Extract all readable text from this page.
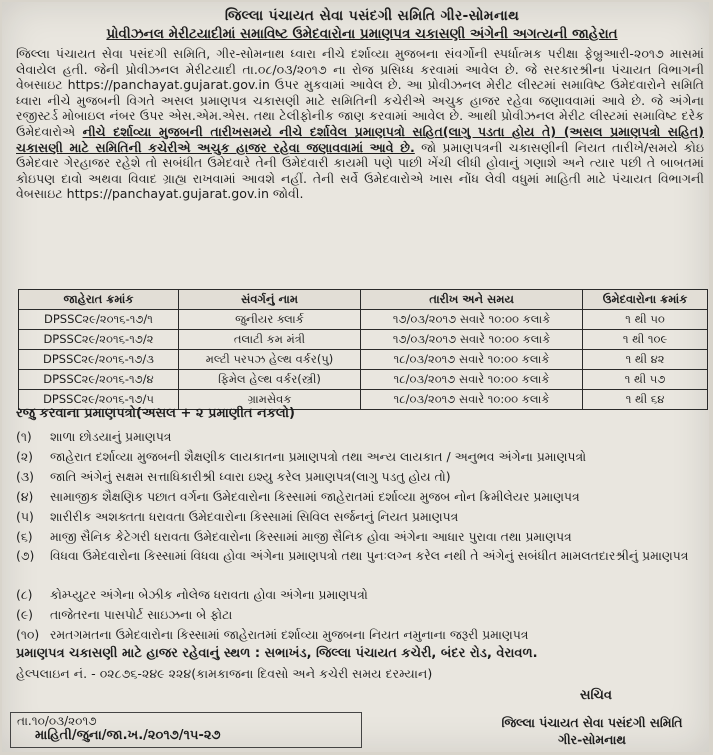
જિલ્લા પંચાયત સેવા પસંદગી સમિતિ ગીર-સોમનાથ
પ્રોવીઝનલ મેરીટયાદીમાં સમાવિષ્ટ ઉમેદવારોના પ્રમાણપત્ર ચકાસણી અંગેની અગત્યની જાહેરાત
જિલ્લા પંચાયત સેવા પસંદગી સમિતિ, ગીર-સોમનાથ ધ્વારા નીચે દર્શાવ્યા મુજબના સંવર્ગોની સ્પર્ધાત્મક પરીક્ષા ફેબ્રુઆરી-૨૦૧૭ માસમાં લેવાયેલ હતી. જેની પ્રોવીઝનલ મેરીટયાદી તા.૦૮/૦૩/૨૦૧૭ ના રોજ પ્રસિધ્ધ કરવામાં આવેલ છે. જે સરકારશ્રીના પંચાયત વિભાગની વેબસાઇટ https://panchayat.gujarat.gov.in ઉપર મુકવામાં આવેલ છે. આ પ્રોવીઝનલ મેરીટ લીસ્ટમાં સમાવિષ્ટ ઉમેદવારોને સમિતિ ધ્વારા નીચે મુજબની વિગતે અસલ પ્રમાણપત્ર ચકાસણી માટે સમિતિની કચેરીએ અચુક હાજર રહેવા જણાવવામાં આવે છે. જે અંગેના રજીસ્ટર્ડ મોબાઇલ નંબર ઉપર એસ.એમ.એસ. તથા ટેલીફોનીક જાણ કરવામાં આવેલ છે. આથી પ્રોવીઝનલ મેરીટ લીસ્ટમાં સમાવિષ્ટ દરેક ઉમેદવારોએ નીચે દર્શાવ્યા મુજબની તારીખસમયે નીચે દર્શાવેલ પ્રમાણપત્રો સહિત(લાગુ પડતા હોય તે) (અસલ પ્રમાણપત્રો સહિત) ચકાસણી માટે સમિતિની કચેરીએ અચુક હાજર રહેવા જણાવવામાં આવે છે. જો પ્રમાણપત્રની ચકાસણીની નિયત તારીખે/સમયે કોઇ ઉમેદવાર ગેરહાજર રહેશે તો સબંધીત ઉમેદવારે તેની ઉમેદવારી કાયમી પણે પાછી ખેંચી લીધી હોવાનું ગણાશે અને ત્યાર પછી તે બાબતમાં કોઇપણ દાવો અથવા વિવાદ ગ્રાહ્ય રાખવામાં આવશે નહીં. તેની સર્વે ઉમેદવારોએ ખાસ નોંધ લેવી વધુમાં માહિતી માટે પંચાયત વિભાગની વેબસાઇટ https://panchayat.gujarat.gov.in જોવી.
જાહેરાત ક્રમાંક	સંવર્ગનું નામ	તારીખ અને સમય	ઉમેદવારોના ક્રમાંક
DPSSC૨૯/૨૦૧૬-૧૭/૧	જુનીયર ક્લાર્ક	૧૭/૦૩/૨૦૧૭ સવારે ૧૦:૦૦ કલાકે	૧ થી ૫૦
DPSSC૨૯/૨૦૧૬-૧૭/૨	તલાટી કમ મંત્રી	૧૭/૦૩/૨૦૧૭ સવારે ૧૦:૦૦ કલાકે	૧ થી ૧૦૯
DPSSC૨૯/૨૦૧૬-૧૭/૩	મલ્ટી પરપઝ હેલ્થ વર્કર(પુ)	૧૮/૦૩/૨૦૧૭ સવારે ૧૦:૦૦ કલાકે	૧ થી ૪૨
DPSSC૨૯/૨૦૧૬-૧૭/૪	ફિમેલ હેલ્થ વર્કર(સ્ત્રી)	૧૮/૦૩/૨૦૧૭ સવારે ૧૦:૦૦ કલાકે	૧ થી ૫૭
DPSSC૨૯/૨૦૧૬-૧૭/૫	ગ્રામસેવક	૧૮/૦૩/૨૦૧૭ સવારે ૧૦:૦૦ કલાકે	૧ થી ૬૪
રજુ કરવાના પ્રમાણપત્રો(અસલ + ૨ પ્રમાણીત નકલો)
(૧) શાળા છોડયાનું પ્રમાણપત્ર
(૨) જાહેરાત દર્શાવ્યા મુજબની શૈક્ષણીક લાયકાતના પ્રમાણપત્રો તથા અન્ય લાયકાત / અનુભવ અંગેના પ્રમાણપત્રો
(૩) જાતિ અંગેનું સક્ષમ સત્તાધિકારીશ્રી ધ્વારા ઇશ્યુ કરેલ પ્રમાણપત્ર(લાગુ પડતુ હોય તો)
(૪) સામાજીક શૈક્ષણિક પછાત વર્ગના ઉમેદવારોના કિસ્સામાં જાહેરાતમાં દર્શાવ્યા મુજબ નોન ક્રિમીલેયર પ્રમાણપત્ર
(૫) શારીરીક અશક્તતા ધરાવતા ઉમેદવારોના કિસ્સામાં સિવિલ સર્જનનું નિયત પ્રમાણપત્ર
(૬) માજી સૈનિક કેટેગરી ધરાવતા ઉમેદવારોના કિસ્સામાં માજી સૈનિક હોવા અંગેના આધાર પુરાવા તથા પ્રમાણપત્ર
(૭) વિધવા ઉમેદવારોના કિસ્સામાં વિધવા હોવા અંગેના પ્રમાણપત્રો તથા પુનઃલગ્ન કરેલ નથી તે અંગેનું સબંધીત મામલતદારશ્રીનું પ્રમાણપત્ર
(૮) કોમ્પ્યુટર અંગેના બેઝીક નોલેજ ધરાવતા હોવા અંગેના પ્રમાણપત્રો
(૯) તાજેતરના પાસપોર્ટ સાઇઝના બે ફોટા
(૧૦) રમતગમતના ઉમેદવારોના કિસ્સામાં જાહેરાતમાં દર્શાવ્યા મુજબના નિયત નમુનાના જરૂરી પ્રમાણપત્ર
પ્રમાણપત્ર ચકાસણી માટે હાજર રહેવાનું સ્થળ : સભાખંડ, જિલ્લા પંચાયત કચેરી, બંદર રોડ, વેરાવળ.
હેલ્પલાઇન નં. - ૦૨૮૭૬-૨૪૯ ૨૨૪(કામકાજના દિવસો અને કચેરી સમય દરમ્યાન)
સચિવ
જિલ્લા પંચાયત સેવા પસંદગી સમિતિ
ગીર-સોમનાથ
તા.૧૦/૦૩/૨૦૧૭
માહિતી/જુના/જા.ખ./૨૦૧૭/૧૫-૨૭
